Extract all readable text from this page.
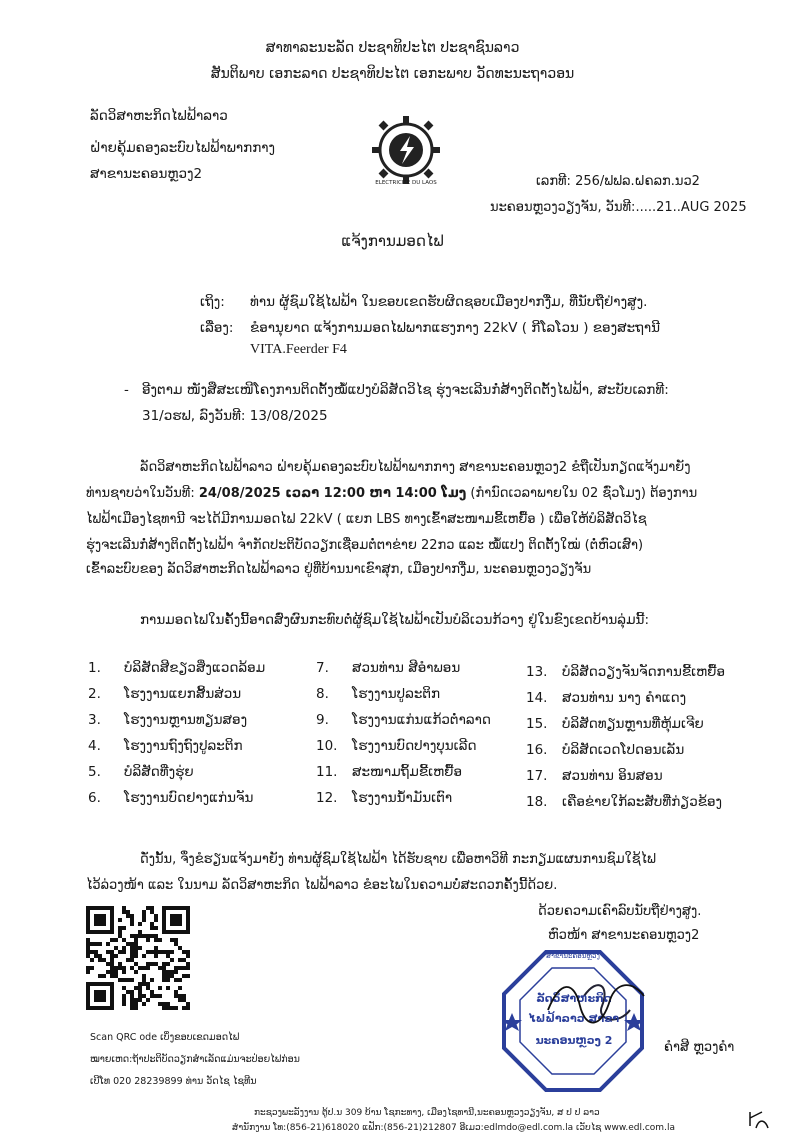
ສາທາລະນະລັດ ປະຊາທິປະໄຕ ປະຊາຊົນລາວ
ສັນຕິພາບ ເອກະລາດ ປະຊາທິປະໄຕ ເອກະພາບ ວັດທະນະຖາວອນ
ລັດວິສາຫະກິດໄຟຟ້າລາວ
ຝ່າຍຄຸ້ມຄອງລະບົບໄຟຟ້າພາກກາງ
ສາຂານະຄອນຫຼວງ2
ELECTRICITE DU LAOS	ເລກທີ: 256/ຟຟລ.ຝຄລກ.ນວ2
ນະຄອນຫຼວງວຽງຈັນ, ວັນທີ:.....21..AUG 2025
ແຈ້ງການມອດໄຟ
ເຖິງ: ທ່ານ ຜູ້ຊົມໃຊ້ໄຟຟ້າ ໃນຂອບເຂດຮັບຜິດຊອບເມືອງປາກງື່ມ, ທີ່ນັບຖືຢ່າງສູງ.
ເລື່ອງ: ຂໍອານຸຍາດ ແຈ້ງການມອດໄຟພາກແຮງກາງ 22kV ( ກີໂລໂວນ ) ຂອງສະຖານີ
VITA.Feerder F4
- ອີງຕາມ ໜັງສືສະເໜີໂຄງການຕິດຕັ້ງໝໍ້ແປງບໍລິສັດວິໄຊ ຮຸ່ງຈະເລີນກໍ່ສ້າງຕິດຕັ້ງໄຟຟ້າ, ສະບັບເລກທີ:
31/ວຮຟ, ລົງວັນທີ: 13/08/2025
ລັດວິສາຫະກິດໄຟຟ້າລາວ ຝ່າຍຄຸ້ມຄອງລະບົບໄຟຟ້າພາກກາງ ສາຂານະຄອນຫຼວງ2 ຂໍຖືເປັນກຽດແຈ້ງມາຍັງ
ທ່ານຊາບວ່າໃນວັນທີ: 24/08/2025 ເວລາ 12:00 ຫາ 14:00 ໂມງ (ກຳນົດເວລາພາຍໃນ 02 ຊົ່ວໂມງ) ຕ້ອງການ
ໄຟຟ້າເມືອງໄຊທານີ ຈະໄດ້ມີການມອດໄຟ 22kV ( ແຍກ LBS ທາງເຂົ້າສະໜາມຂີ້ເຫຍື້ອ ) ເພື່ອໃຫ້ບໍລິສັດວິໄຊ
ຮຸ່ງຈະເລີນກໍ່ສ້າງຕິດຕັ້ງໄຟຟ້າ ຈຳກັດປະຕິບັດວຽກເຊື່ອມຕໍ່ຕາຂ່າຍ 22ກວ ແລະ ໝໍ້ແປງ ຕິດຕັ້ງໃໝ່ (ຕໍ່ຫົວເສົາ)
ເຂົ້າລະບົບຂອງ ລັດວິສາຫະກິດໄຟຟ້າລາວ ຢູ່ທີ່ບ້ານນາເຂົາສຸກ, ເມືອງປາກງື່ມ, ນະຄອນຫຼວງວຽງຈັນ
ການມອດໄຟໃນຄັ້ງນີ້ອາດສົ່ງຜົນກະທົບຕໍ່ຜູ້ຊົມໃຊ້ໄຟຟ້າເປັນບໍລິເວນກ້ວາງ ຢູ່ໃນຂົງເຂດບ້ານລຸ່ມນີ້:
1. ບໍລິສັດສີຂຽວສິ່ງແວດລ້ອມ
2. ໂຮງງານແຍກສິ້ນສ່ວນ
3. ໂຮງງານຫຼານທຽນສອງ
4. ໂຮງງານຖົງຖົງປູລະຕິກ
5. ບໍລິສັດທີ່ງຮຸ່ຍ
6. ໂຮງງານບົດຢາງແກ່ນຈັນ
7. ສວນທ່ານ ສີອຳພອນ
8. ໂຮງງານປູລະຕິກ
9. ໂຮງງານແກ່ນແກ້ວຕໍ່າລາດ
10. ໂຮງງານບົດປາງບຸນເລີດ
11. ສະໜາມຖິ້ມຂີ້ເຫຍື້ອ
12. ໂຮງງານນ້ຳມັນເຕົາ
13. ບໍລິສັດວຽງຈັນຈັດການຂີ້ເຫຍື້ອ
14. ສວນທ່ານ ນາງ ຄຳແດງ
15. ບໍລິສັດທຽນຫຼານທີ່ຫຸ້ມເຈີຍ
16. ບໍລິສັດເວດໂປດອນເລັນ
17. ສວນທ່ານ ອິນສອນ
18. ເຄືອຂ່າຍໃກ້ລະສັບທີ່ກ່ຽວຂ້ອງ
ດັ່ງນັ້ນ, ຈຶ່ງຂໍຮຽນແຈ້ງມາຍັງ ທ່ານຜູ້ຊົມໃຊ້ໄຟຟ້າ ໄດ້ຮັບຊາບ ເພື່ອຫາວິທີ ກະກຽມແຜນການຊົມໃຊ້ໄຟ
ໄວ້ລ່ວງໜ້າ ແລະ ໃນນາມ ລັດວິສາຫະກິດ ໄຟຟ້າລາວ ຂໍອະໄພໃນຄວາມບໍ່ສະດວກຄັ້ງນີ້ດ້ວຍ.
ດ້ວຍຄວາມເຄົາລົບນັບຖືຢ່າງສູງ.
ຫົວໜ້າ ສາຂານະຄອນຫຼວງ2
ສາຂານະຄອນຫຼວງ
ລັດວິສາຫະກິດ
ໄຟຟ້າລາວ ສາຂາ
ນະຄອນຫຼວງ 2	ຄຳສີ ຫຼວງຄຳ
Scan QRC ode ເບິ່ງຂອບເຂດມອດໄຟ
ໝາຍເຫດ:ຖ້າປະຕິບັດວຽກສຳເລັດແມ່ນຈະປ່ອຍໄຟກ່ອນ
ເບີໂທ 020 28239899 ທ່ານ ວັດໄຊ ໄຊທີນ
ກະຊວງພະລັງງານ ຕູ້ປ.ນ 309 ບ້ານ ໂຊກະທາງ, ເມືອງໄຊທານີ,ນະຄອນຫຼວງວຽງຈັນ, ສ ປ ປ ລາວ
ສຳນັກງານ ໂທ:(856-21)618020 ແຟັກ:(856-21)212807 ອີເມວ:edlmdo@edl.com.la ເວັບໄຊ www.edl.com.la
